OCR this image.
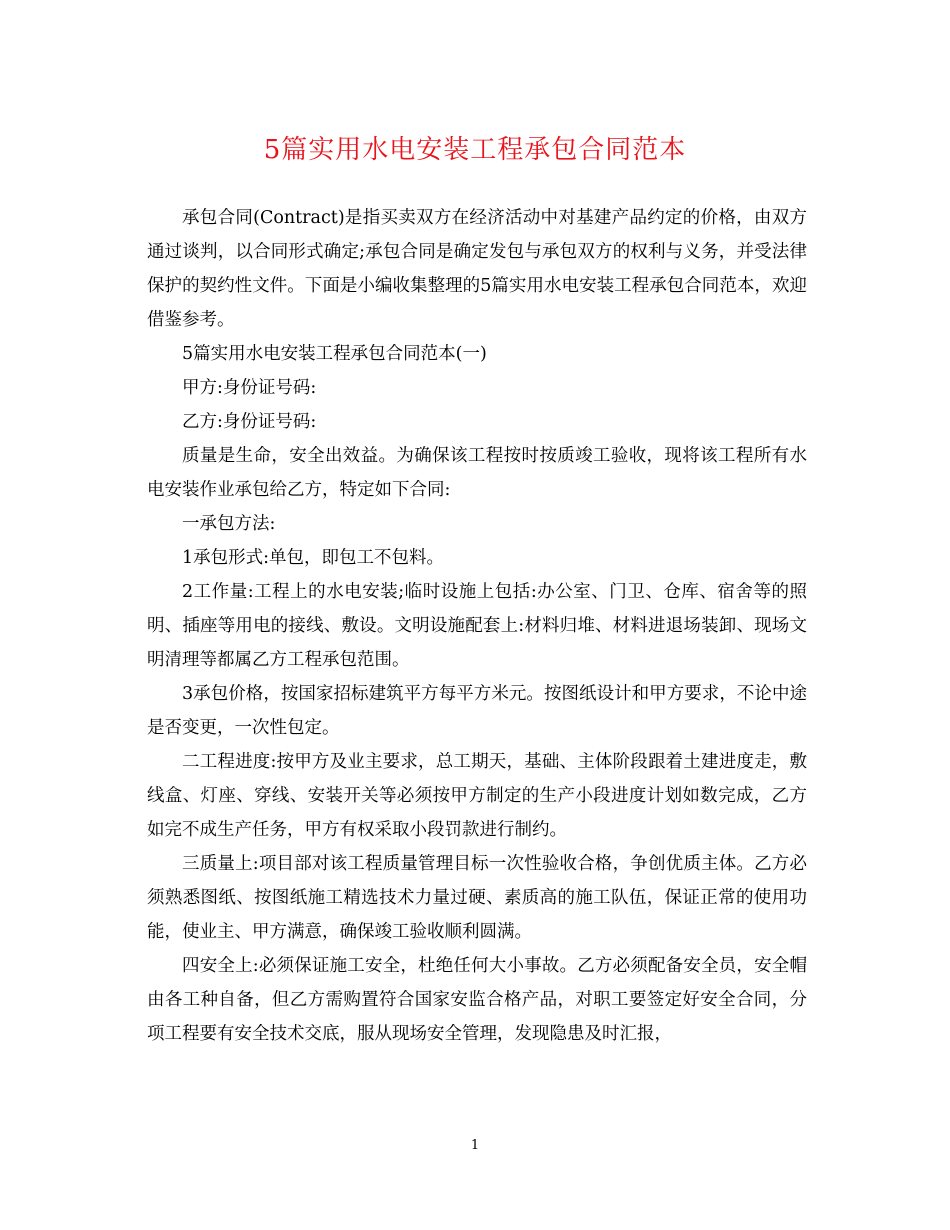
5篇实用水电安装工程承包合同范本

承包合同(Contract)是指买卖双方在经济活动中对基建产品约定的价格，由双方通过谈判，以合同形式确定;承包合同是确定发包与承包双方的权利与义务，并受法律保护的契约性文件。下面是小编收集整理的5篇实用水电安装工程承包合同范本，欢迎借鉴参考。

5篇实用水电安装工程承包合同范本(一)

甲方:身份证号码:

乙方:身份证号码:

质量是生命，安全出效益。为确保该工程按时按质竣工验收，现将该工程所有水电安装作业承包给乙方，特定如下合同:

一承包方法:

1承包形式:单包，即包工不包料。

2工作量:工程上的水电安装;临时设施上包括:办公室、门卫、仓库、宿舍等的照明、插座等用电的接线、敷设。文明设施配套上:材料归堆、材料进退场装卸、现场文明清理等都属乙方工程承包范围。

3承包价格，按国家招标建筑平方每平方米元。按图纸设计和甲方要求，不论中途是否变更，一次性包定。

二工程进度:按甲方及业主要求，总工期天，基础、主体阶段跟着土建进度走，敷线盒、灯座、穿线、安装开关等必须按甲方制定的生产小段进度计划如数完成，乙方如完不成生产任务，甲方有权采取小段罚款进行制约。

三质量上:项目部对该工程质量管理目标一次性验收合格，争创优质主体。乙方必须熟悉图纸、按图纸施工精选技术力量过硬、素质高的施工队伍，保证正常的使用功能，使业主、甲方满意，确保竣工验收顺利圆满。

四安全上:必须保证施工安全，杜绝任何大小事故。乙方必须配备安全员，安全帽由各工种自备，但乙方需购置符合国家安监合格产品，对职工要签定好安全合同，分项工程要有安全技术交底，服从现场安全管理，发现隐患及时汇报，

1
